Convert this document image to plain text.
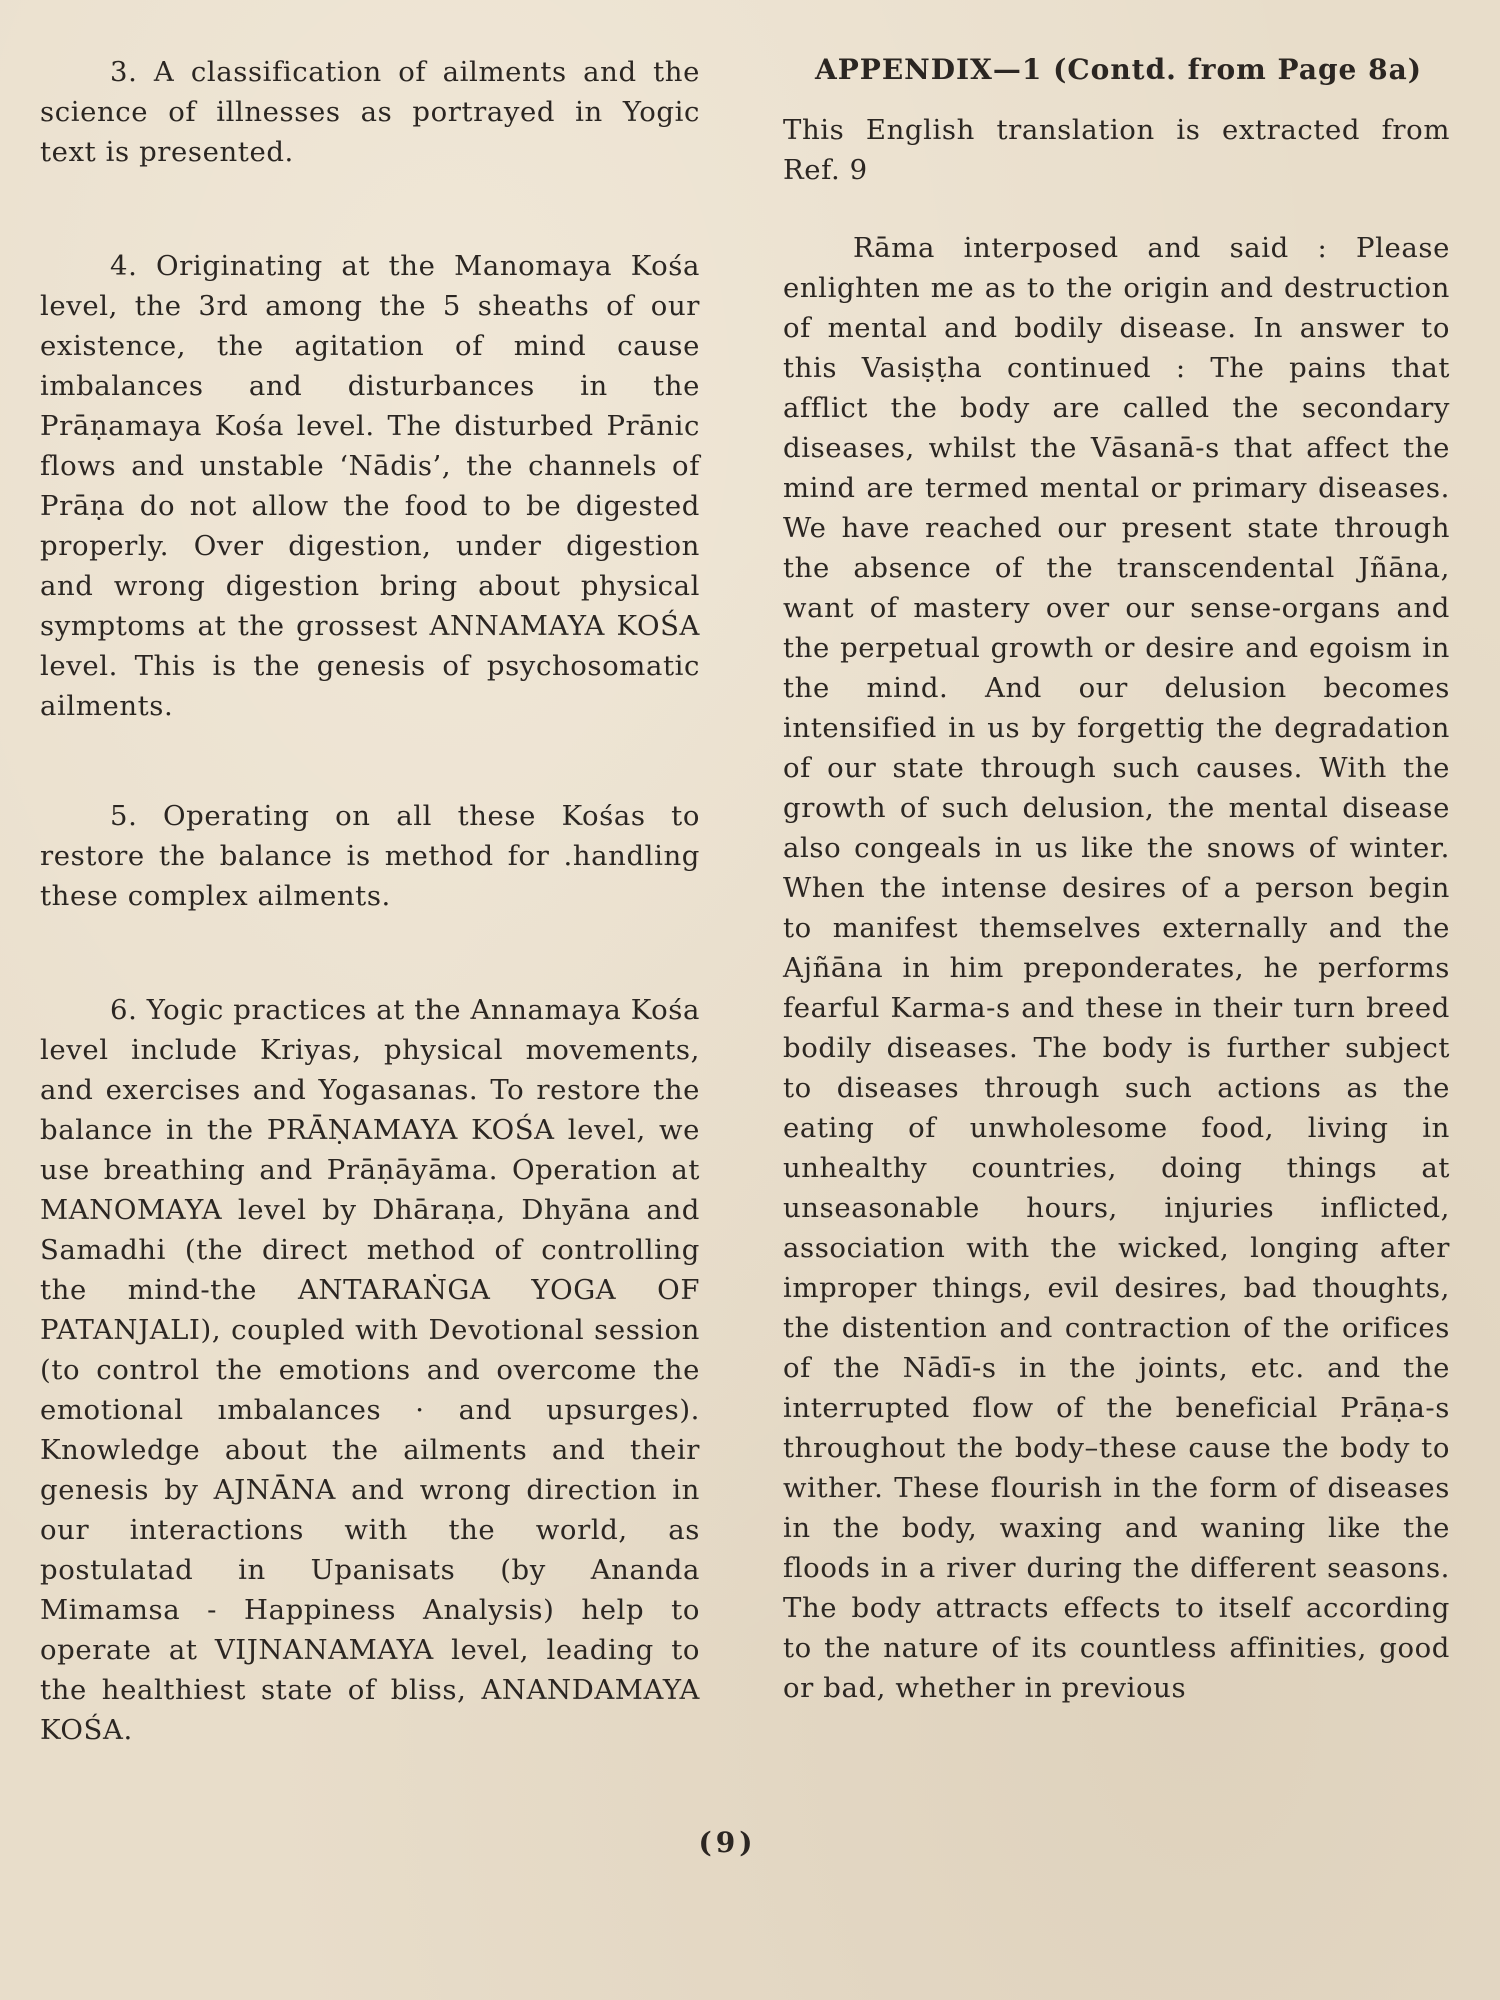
3. A classification of ailments and the science of illnesses as portrayed in Yogic text is presented.

4. Originating at the Manomaya Kośa level, the 3rd among the 5 sheaths of our existence, the agitation of mind cause imbalances and disturbances in the Prāṇamaya Kośa level. The disturbed Prānic flows and unstable ‘Nādis’, the channels of Prāṇa do not allow the food to be digested properly. Over digestion, under digestion and wrong digestion bring about physical symptoms at the grossest ANNAMAYA KOŚA level. This is the genesis of psychosomatic ailments.

5. Operating on all these Kośas to restore the balance is method for .handling these complex ailments.

6. Yogic practices at the Annamaya Kośa level include Kriyas, physical movements, and exercises and Yogasanas. To restore the balance in the PRĀṆAMAYA KOŚA level, we use breathing and Prāṇāyāma. Operation at MANOMAYA level by Dhāraṇa, Dhyāna and Samadhi (the direct method of controlling the mind-the ANTARAṄGA YOGA OF PATANJALI), coupled with Devotional session (to control the emotions and overcome the emotional ımbalances · and upsurges). Knowledge about the ailments and their genesis by AJNĀNA and wrong direction in our interactions with the world, as postulatad in Upanisats (by Ananda Mimamsa - Happiness Analysis) help to operate at VIJNANAMAYA level, leading to the healthiest state of bliss, ANANDAMAYA KOŚA.

APPENDIX—1 (Contd. from Page 8a)

This English translation is extracted from Ref. 9

Rāma interposed and said : Please enlighten me as to the origin and destruction of mental and bodily disease. In answer to this Vasiṣṭha continued : The pains that afflict the body are called the secondary diseases, whilst the Vāsanā-s that affect the mind are termed mental or primary diseases. We have reached our present state through the absence of the transcendental Jñāna, want of mastery over our sense-organs and the perpetual growth or desire and egoism in the mind. And our delusion becomes intensified in us by forgettig the degradation of our state through such causes. With the growth of such delusion, the mental disease also congeals in us like the snows of winter. When the intense desires of a person begin to manifest themselves externally and the Ajñāna in him preponderates, he performs fearful Karma-s and these in their turn breed bodily diseases. The body is further subject to diseases through such actions as the eating of unwholesome food, living in unhealthy countries, doing things at unseasonable hours, injuries inflicted, association with the wicked, longing after improper things, evil desires, bad thoughts, the distention and contraction of the orifices of the Nādī-s in the joints, etc. and the interrupted flow of the beneficial Prāṇa-s throughout the body–these cause the body to wither. These flourish in the form of diseases in the body, waxing and waning like the floods in a river during the different seasons. The body attracts effects to itself according to the nature of its countless affinities, good or bad, whether in previous

(9)
